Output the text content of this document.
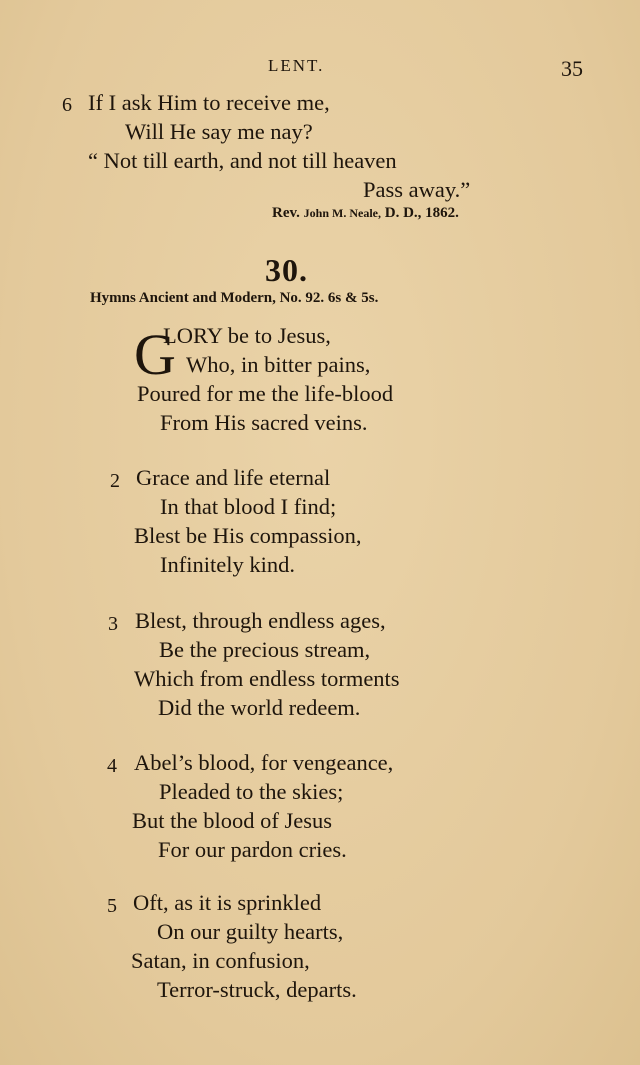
LENT.	35
6 If I ask Him to receive me,
Will He say me nay?
“ Not till earth, and not till heaven
Pass away.”
Rev. John M. Neale, D. D., 1862.
30.
Hymns Ancient and Modern, No. 92. 6s & 5s.
G
LORY be to Jesus,
Who, in bitter pains,
Poured for me the life-blood
From His sacred veins.
2 Grace and life eternal
In that blood I find;
Blest be His compassion,
Infinitely kind.
3 Blest, through endless ages,
Be the precious stream,
Which from endless torments
Did the world redeem.
4 Abel’s blood, for vengeance,
Pleaded to the skies;
But the blood of Jesus
For our pardon cries.
5 Oft, as it is sprinkled
On our guilty hearts,
Satan, in confusion,
Terror-struck, departs.
